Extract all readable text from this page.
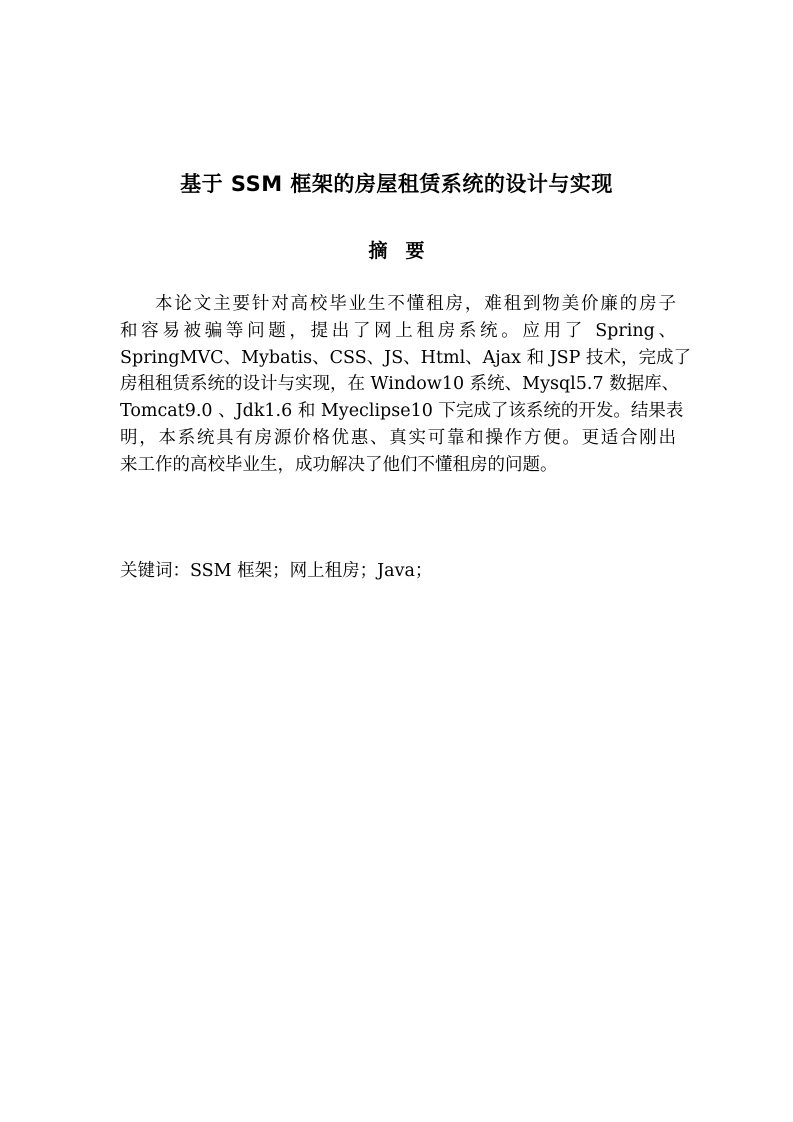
基于 SSM 框架的房屋租赁系统的设计与实现
摘要
本论文主要针对高校毕业生不懂租房，难租到物美价廉的房子
和容易被骗等问题，提出了网上租房系统。应用了 Spring、
SpringMVC、Mybatis、CSS、JS、Html、Ajax 和 JSP 技术，完成了
房租租赁系统的设计与实现，在 Window10 系统、Mysql5.7 数据库、
Tomcat9.0 、Jdk1.6 和 Myeclipse10 下完成了该系统的开发。结果表
明，本系统具有房源价格优惠、真实可靠和操作方便。更适合刚出
来工作的高校毕业生，成功解决了他们不懂租房的问题。
关键词：SSM 框架；网上租房；Java；
